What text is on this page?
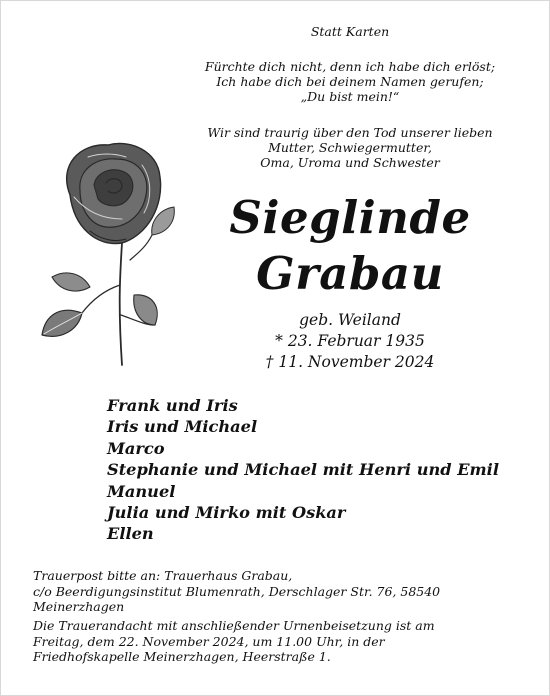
Statt Karten
Fürchte dich nicht, denn ich habe dich erlöst;
Ich habe dich bei deinem Namen gerufen;
„Du bist mein!“
Wir sind traurig über den Tod unserer lieben
Mutter, Schwiegermutter,
Oma, Uroma und Schwester
Sieglinde
Grabau
geb. Weiland
* 23. Februar 1935
† 11. November 2024
Frank und Iris
Iris und Michael
Marco
Stephanie und Michael mit Henri und Emil
Manuel
Julia und Mirko mit Oskar
Ellen
Trauerpost bitte an: Trauerhaus Grabau,
c/o Beerdigungsinstitut Blumenrath, Derschlager Str. 76, 58540 Meinerzhagen
Die Trauerandacht mit anschließender Urnenbeisetzung ist am
Freitag, dem 22. November 2024, um 11.00 Uhr, in der
Friedhofskapelle Meinerzhagen, Heerstraße 1.
